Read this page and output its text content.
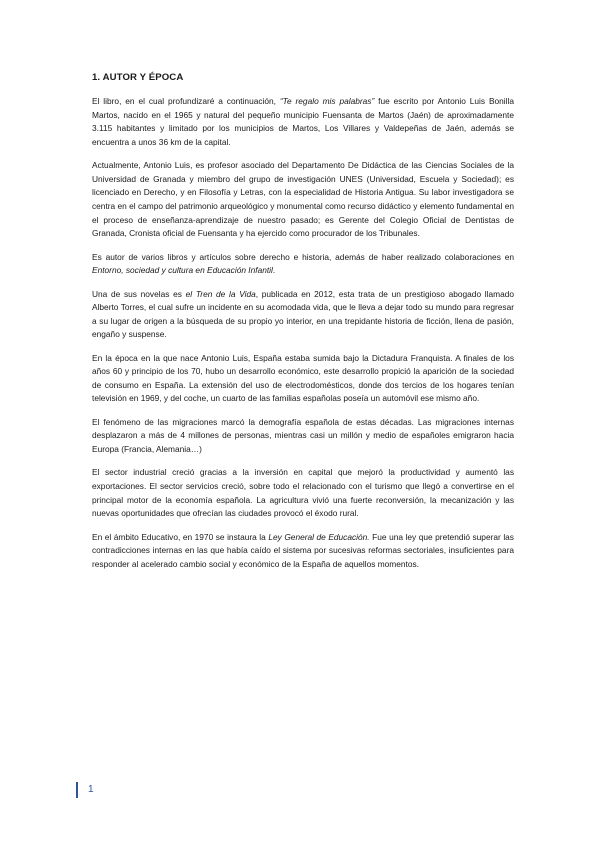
1. AUTOR Y ÉPOCA

El libro, en el cual profundizaré a continuación, “Te regalo mis palabras” fue escrito por Antonio Luis Bonilla Martos, nacido en el 1965 y natural del pequeño municipio Fuensanta de Martos (Jaén) de aproximadamente 3.115 habitantes y limitado por los municipios de Martos, Los Villares y Valdepeñas de Jaén, además se encuentra a unos 36 km de la capital.

Actualmente, Antonio Luis, es profesor asociado del Departamento De Didáctica de las Ciencias Sociales de la Universidad de Granada y miembro del grupo de investigación UNES (Universidad, Escuela y Sociedad); es licenciado en Derecho, y en Filosofía y Letras, con la especialidad de Historia Antigua. Su labor investigadora se centra en el campo del patrimonio arqueológico y monumental como recurso didáctico y elemento fundamental en el proceso de enseñanza-aprendizaje de nuestro pasado; es Gerente del Colegio Oficial de Dentistas de Granada, Cronista oficial de Fuensanta y ha ejercido como procurador de los Tribunales.

Es autor de varios libros y artículos sobre derecho e historia, además de haber realizado colaboraciones en Entorno, sociedad y cultura en Educación Infantil.

Una de sus novelas es el Tren de la Vida, publicada en 2012, esta trata de un prestigioso abogado llamado Alberto Torres, el cual sufre un incidente en su acomodada vida, que le lleva a dejar todo su mundo para regresar a su lugar de origen a la búsqueda de su propio yo interior, en una trepidante historia de ficción, llena de pasión, engaño y suspense.

En la época en la que nace Antonio Luis, España estaba sumida bajo la Dictadura Franquista. A finales de los años 60 y principio de los 70, hubo un desarrollo económico, este desarrollo propició la aparición de la sociedad de consumo en España. La extensión del uso de electrodomésticos, donde dos tercios de los hogares tenían televisión en 1969, y del coche, un cuarto de las familias españolas poseía un automóvil ese mismo año.

El fenómeno de las migraciones marcó la demografía española de estas décadas. Las migraciones internas desplazaron a más de 4 millones de personas, mientras casi un millón y medio de españoles emigraron hacia Europa (Francia, Alemania…)

El sector industrial creció gracias a la inversión en capital que mejoró la productividad y aumentó las exportaciones. El sector servicios creció, sobre todo el relacionado con el turismo que llegó a convertirse en el principal motor de la economía española. La agricultura vivió una fuerte reconversión, la mecanización y las nuevas oportunidades que ofrecían las ciudades provocó el éxodo rural.

En el ámbito Educativo, en 1970 se instaura la Ley General de Educación. Fue una ley que pretendió superar las contradicciones internas en las que había caído el sistema por sucesivas reformas sectoriales, insuficientes para responder al acelerado cambio social y económico de la España de aquellos momentos.

1
